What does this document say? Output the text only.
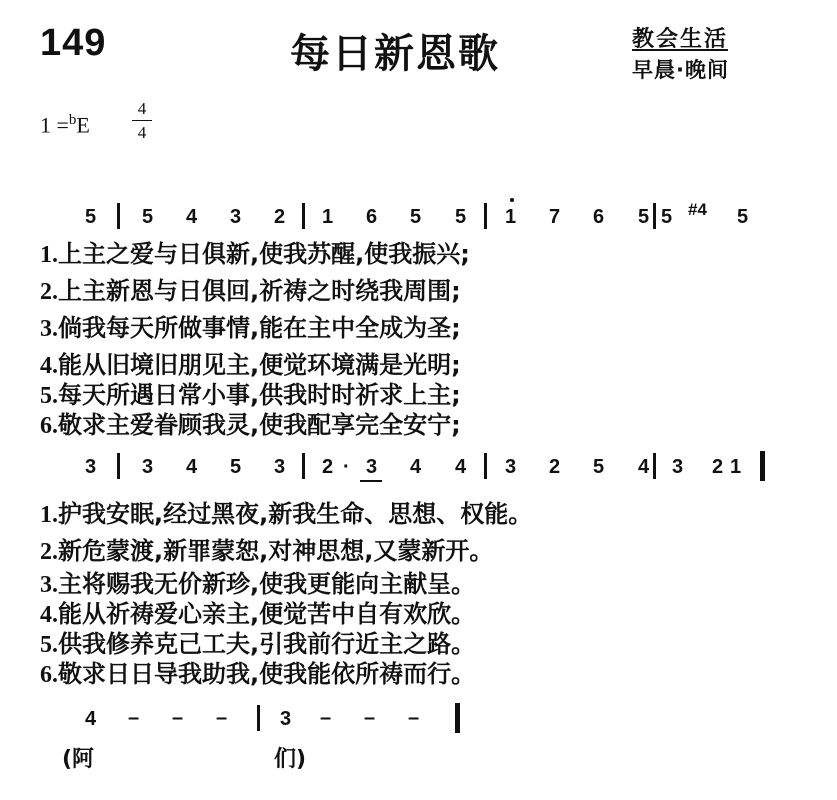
149	每日新恩歌	教会生活
早晨·晚间
1 =$^b$E
4
4
5 5 4 3 2 1 6 5 5 1 7 6 5 5 #4 5
1.上主之爱与日俱新,使我苏醒,使我振兴;
2.上主新恩与日俱回,祈祷之时绕我周围;
3.倘我每天所做事情,能在主中全成为圣;
4.能从旧境旧朋见主,便觉环境满是光明;
5.每天所遇日常小事,供我时时祈求上主;
6.敬求主爱眷顾我灵,使我配享完全安宁;
3 3 4 5 3 2 · 3 4 4 3 2 5 4 3 2 1
1.护我安眠,经过黑夜,新我生命、思想、权能。
2.新危蒙渡,新罪蒙恕,对神思想,又蒙新开。
3.主将赐我无价新珍,使我更能向主献呈。
4.能从祈祷爱心亲主,便觉苦中自有欢欣。
5.供我修养克己工夫,引我前行近主之路。
6.敬求日日导我助我,使我能依所祷而行。
4 – – –	3 – – –
(阿	们)
